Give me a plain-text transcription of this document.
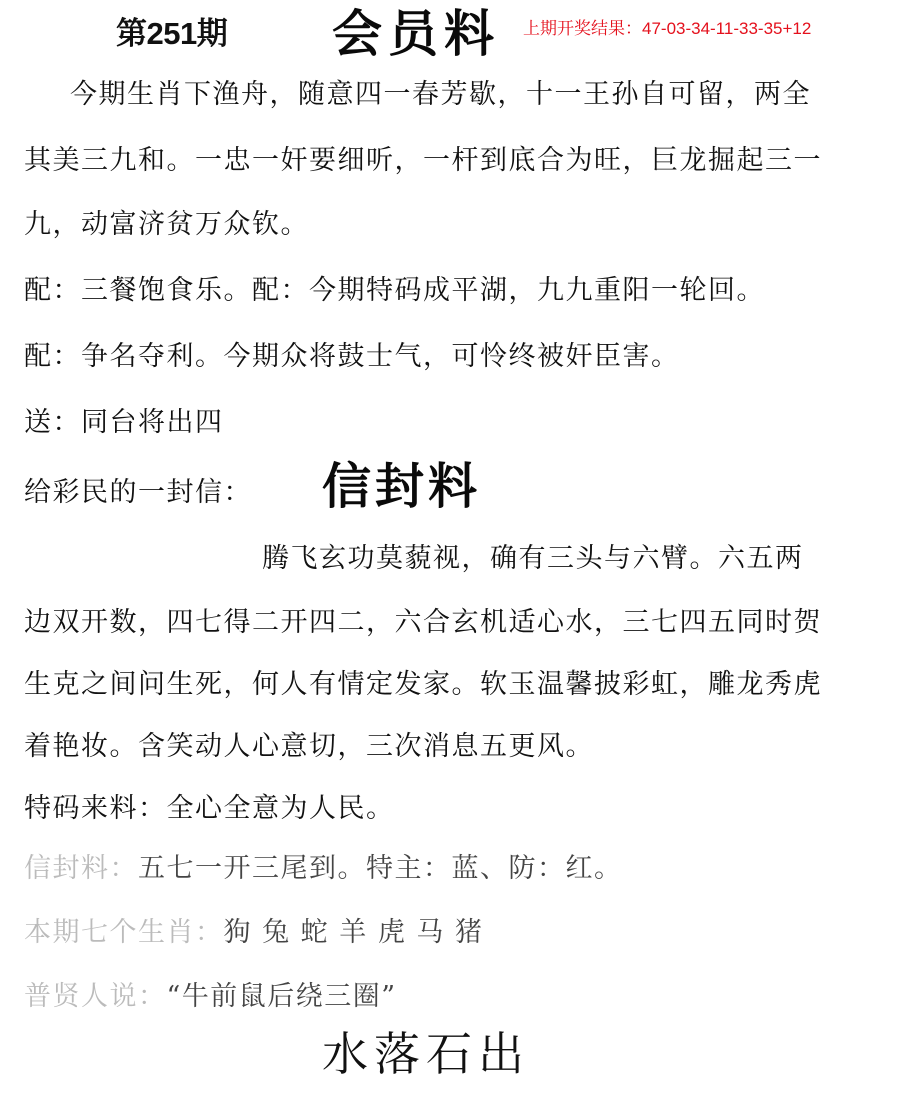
第251期 会员料 上期开奖结果：47-03-34-11-33-35+12
今期生肖下渔舟，随意四一春芳歇，十一王孙自可留，两全
其美三九和。一忠一奸要细听，一杆到底合为旺，巨龙掘起三一
九，动富济贫万众钦。
配：三餐饱食乐。配：今期特码成平湖，九九重阳一轮回。
配：争名夺利。今期众将鼓士气，可怜终被奸臣害。
送：同台将出四
给彩民的一封信： 信封料
腾飞玄功莫藐视，确有三头与六臂。六五两
边双开数，四七得二开四二，六合玄机适心水，三七四五同时贺
生克之间问生死，何人有情定发家。软玉温馨披彩虹，雕龙秀虎
着艳妆。含笑动人心意切，三次消息五更风。
特码来料：全心全意为人民。
信封料：五七一开三尾到。特主：蓝、防：红。
本期七个生肖：狗 兔 蛇 羊 虎 马 猪
普贤人说：“牛前鼠后绕三圈”
水落石出
